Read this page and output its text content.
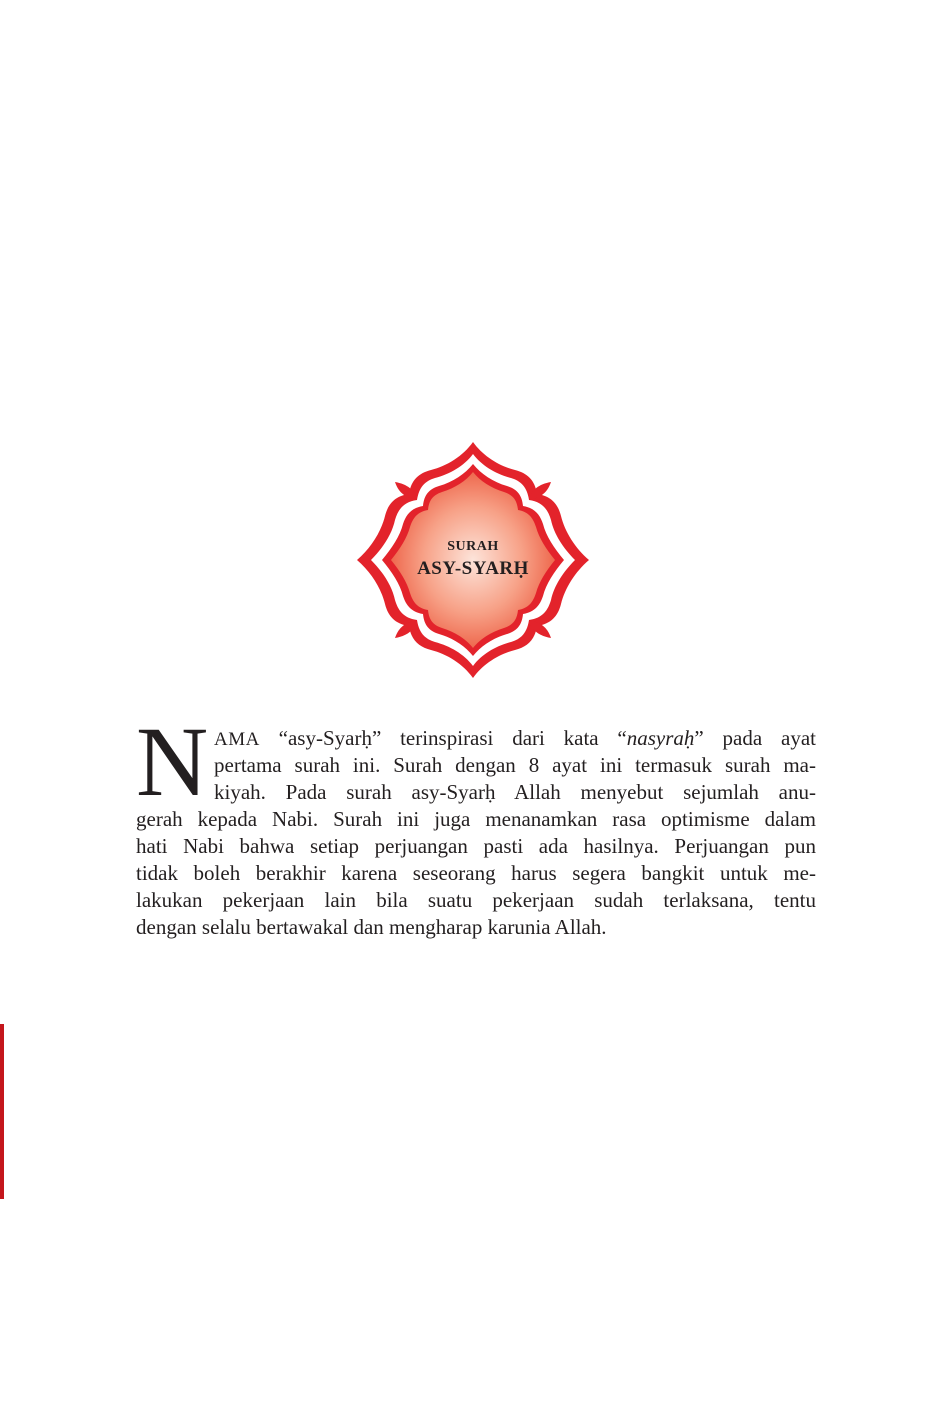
SURAH
ASY-SYARḤ
N AMA “asy-Syarḥ” terinspirasi dari kata “nasyraḥ” pada ayat
pertama surah ini. Surah dengan 8 ayat ini termasuk surah ma-
kiyah. Pada surah asy-Syarḥ Allah menyebut sejumlah anu-
gerah kepada Nabi. Surah ini juga menanamkan rasa optimisme dalam
hati Nabi bahwa setiap perjuangan pasti ada hasilnya. Perjuangan pun
tidak boleh berakhir karena seseorang harus segera bangkit untuk me-
lakukan pekerjaan lain bila suatu pekerjaan sudah terlaksana, tentu
dengan selalu bertawakal dan mengharap karunia Allah.
